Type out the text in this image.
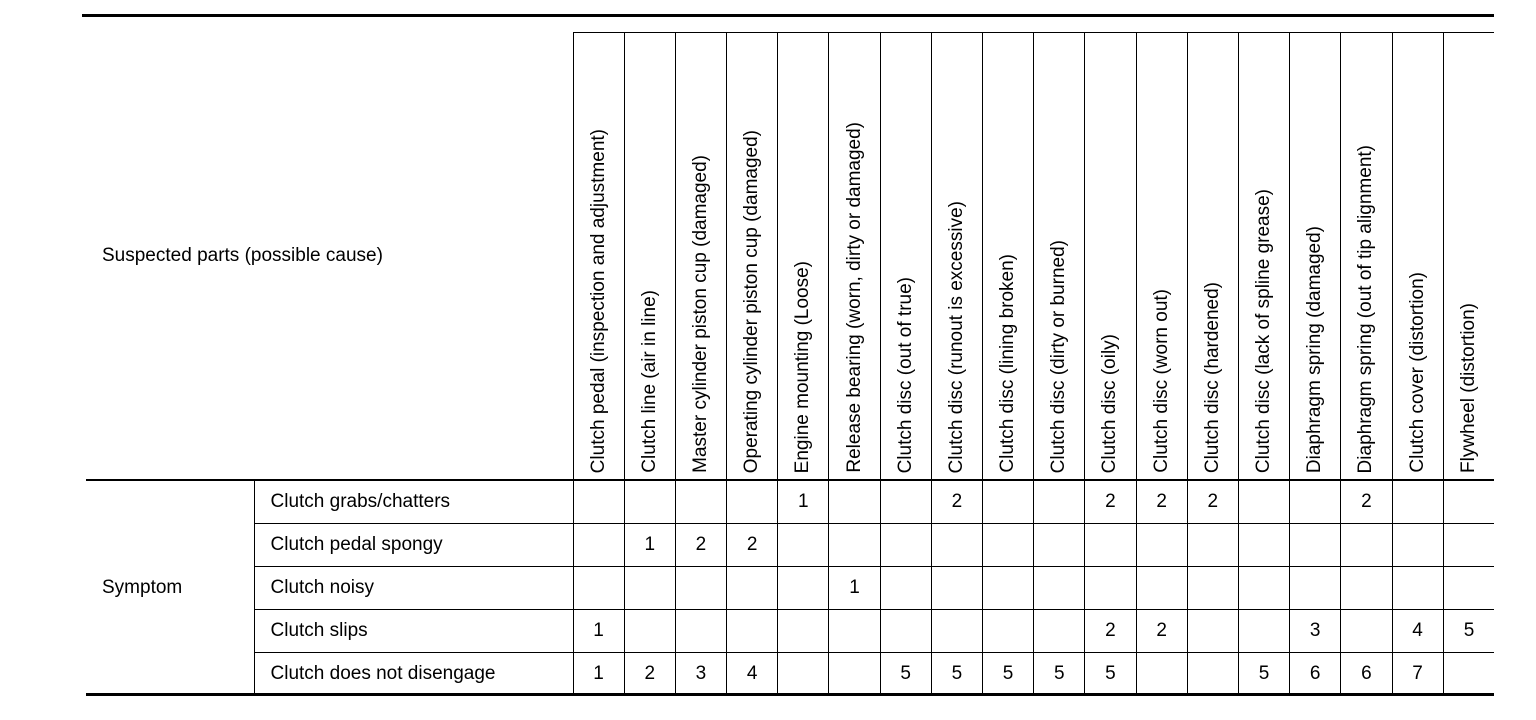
Suspected parts (possible cause)		Clutch pedal (inspection and adjustment)	Clutch line (air in line)	Master cylinder piston cup (damaged)	Operating cylinder piston cup (damaged)	Engine mounting (Loose)	Release bearing (worn, dirty or damaged)	Clutch disc (out of true)	Clutch disc (runout is excessive)	Clutch disc (lining broken)	Clutch disc (dirty or burned)	Clutch disc (oily)	Clutch disc (worn out)	Clutch disc (hardened)	Clutch disc (lack of spline grease)	Diaphragm spring (damaged)	Diaphragm spring (out of tip alignment)	Clutch cover (distortion)	Flywheel (distortion)
Symptom	Clutch grabs/chatters					1			2			2	2	2			2		
	Clutch pedal spongy		1	2	2														
	Clutch noisy						1												
	Clutch slips	1										2	2			3		4	5
	Clutch does not disengage	1	2	3	4			5	5	5	5	5			5	6	6	7	
